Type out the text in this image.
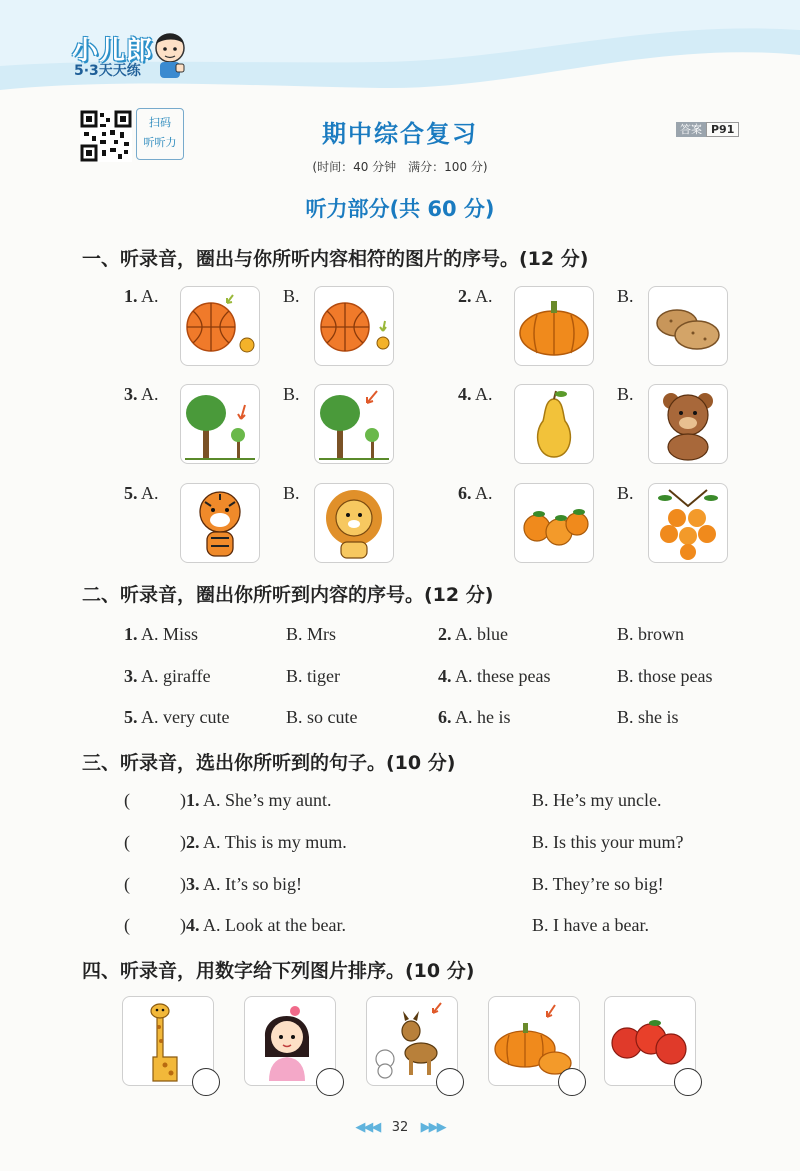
小儿郎
5·3天天练
扫码
听听力	期中综合复习	答案 P91
(时间：40 分钟　满分：100 分)
听力部分(共 60 分)
一、听录音，圈出与你所听内容相符的图片的序号。(12 分)
1. A.	B.	2. A.	B.
3. A.	B.	4. A.	B.
5. A.	B.	6. A.	B.
二、听录音，圈出你所听到内容的序号。(12 分)
1. A. Miss	B. Mrs	2. A. blue	B. brown
3. A. giraffe	B. tiger	4. A. these peas	B. those peas
5. A. very cute	B. so cute	6. A. he is	B. she is
三、听录音，选出你所听到的句子。(10 分)
(	)1. A. She’s my aunt.	B. He’s my uncle.
(	)2. A. This is my mum.	B. Is this your mum?
(	)3. A. It’s so big!	B. They’re so big!
(	)4. A. Look at the bear.	B. I have a bear.
四、听录音，用数字给下列图片排序。(10 分)
◀◀◀ 32 ▶▶▶
